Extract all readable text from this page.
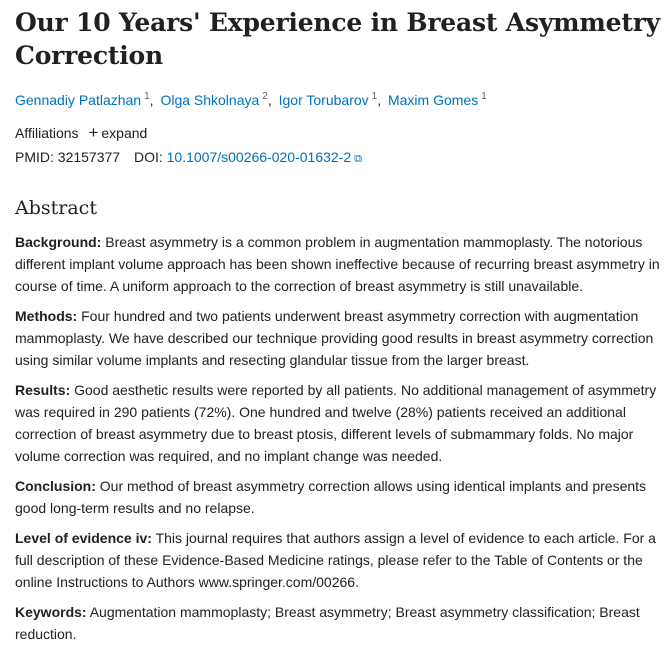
Our 10 Years' Experience in Breast Asymmetry Correction
Gennadiy Patlazhan $^1$, Olga Shkolnaya $^2$, Igor Torubarov $^1$, Maxim Gomes $^1$
Affiliations + expand
PMID: 32157377 DOI: 10.1007/s00266-020-01632-2 ⧉
Abstract

Background: Breast asymmetry is a common problem in augmentation mammoplasty. The notorious different implant volume approach has been shown ineffective because of recurring breast asymmetry in course of time. A uniform approach to the correction of breast asymmetry is still unavailable.

Methods: Four hundred and two patients underwent breast asymmetry correction with augmentation mammoplasty. We have described our technique providing good results in breast asymmetry correction using similar volume implants and resecting glandular tissue from the larger breast.

Results: Good aesthetic results were reported by all patients. No additional management of asymmetry was required in 290 patients (72%). One hundred and twelve (28%) patients received an additional correction of breast asymmetry due to breast ptosis, different levels of submammary folds. No major volume correction was required, and no implant change was needed.

Conclusion: Our method of breast asymmetry correction allows using identical implants and presents good long-term results and no relapse.

Level of evidence iv: This journal requires that authors assign a level of evidence to each article. For a full description of these Evidence-Based Medicine ratings, please refer to the Table of Contents or the online Instructions to Authors www.springer.com/00266.

Keywords: Augmentation mammoplasty; Breast asymmetry; Breast asymmetry classification; Breast reduction.
